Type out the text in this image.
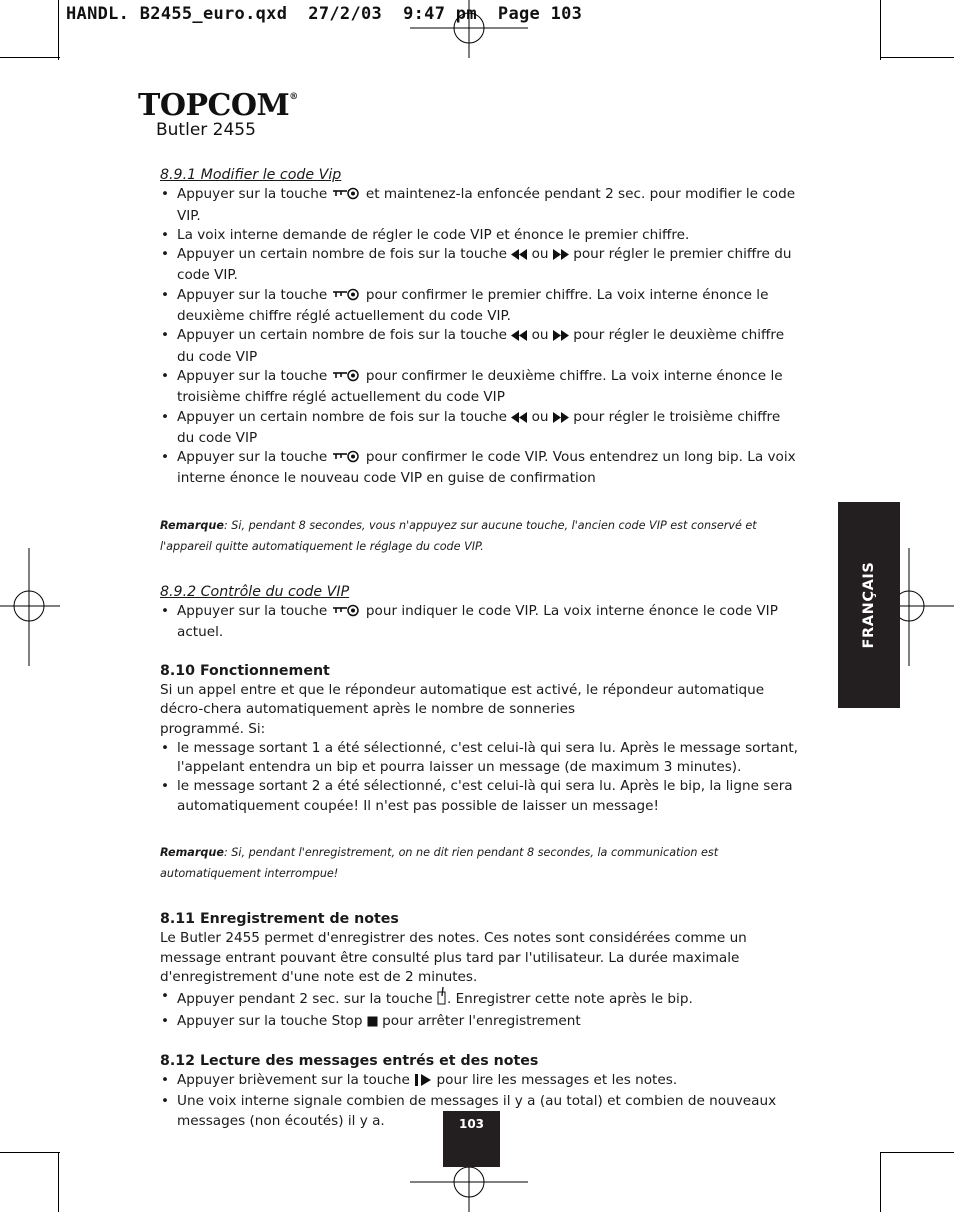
HANDL. B2455_euro.qxd  27/2/03  9:47 pm  Page 103
TOPCOM®
Butler 2455
FRANÇAIS

8.9.1 Modifier le code Vip

• Appuyer sur la touche	et maintenez-la enfoncée pendant 2 sec. pour modifier le code VIP.
• La voix interne demande de régler le code VIP et énonce le premier chiffre.
• Appuyer un certain nombre de fois sur la touche  ou  pour régler le premier chiffre du code VIP.
• Appuyer sur la touche	pour confirmer le premier chiffre. La voix interne énonce le deuxième chiffre réglé actuellement du code VIP.
• Appuyer un certain nombre de fois sur la touche  ou  pour régler le deuxième chiffre du code VIP
• Appuyer sur la touche	pour confirmer le deuxième chiffre. La voix interne énonce le troisième chiffre réglé actuellement du code VIP
• Appuyer un certain nombre de fois sur la touche  ou  pour régler le troisième chiffre du code VIP
• Appuyer sur la touche	pour confirmer le code VIP. Vous entendrez un long bip. La voix interne énonce le nouveau code VIP en guise de confirmation

Remarque: Si, pendant 8 secondes, vous n'appuyez sur aucune touche, l'ancien code VIP est conservé et l'appareil quitte automatiquement le réglage du code VIP.

8.9.2 Contrôle du code VIP

• Appuyer sur la touche	pour indiquer le code VIP. La voix interne énonce le code VIP actuel.

8.10 Fonctionnement

Si un appel entre et que le répondeur automatique est activé, le répondeur automatique décro-chera automatiquement après le nombre de sonneries

programmé. Si:

• le message sortant 1 a été sélectionné, c'est celui-là qui sera lu. Après le message sortant, l'appelant entendra un bip et pourra laisser un message (de maximum 3 minutes).
• le message sortant 2 a été sélectionné, c'est celui-là qui sera lu. Après le bip, la ligne sera automatiquement coupée! Il n'est pas possible de laisser un message!

Remarque: Si, pendant l'enregistrement, on ne dit rien pendant 8 secondes, la communication est automatiquement interrompue!

8.11 Enregistrement de notes

Le Butler 2455 permet d'enregistrer des notes. Ces notes sont considérées comme un message entrant pouvant être consulté plus tard par l'utilisateur. La durée maximale d'enregistrement d'une note est de 2 minutes.

• Appuyer pendant 2 sec. sur la touche . Enregistrer cette note après le bip.
• Appuyer sur la touche Stop  pour arrêter l'enregistrement

8.12 Lecture des messages entrés et des notes

• Appuyer brièvement sur la touche  pour lire les messages et les notes.
• Une voix interne signale combien de messages il y a (au total) et combien de nouveaux messages (non écoutés) il y a.	103
